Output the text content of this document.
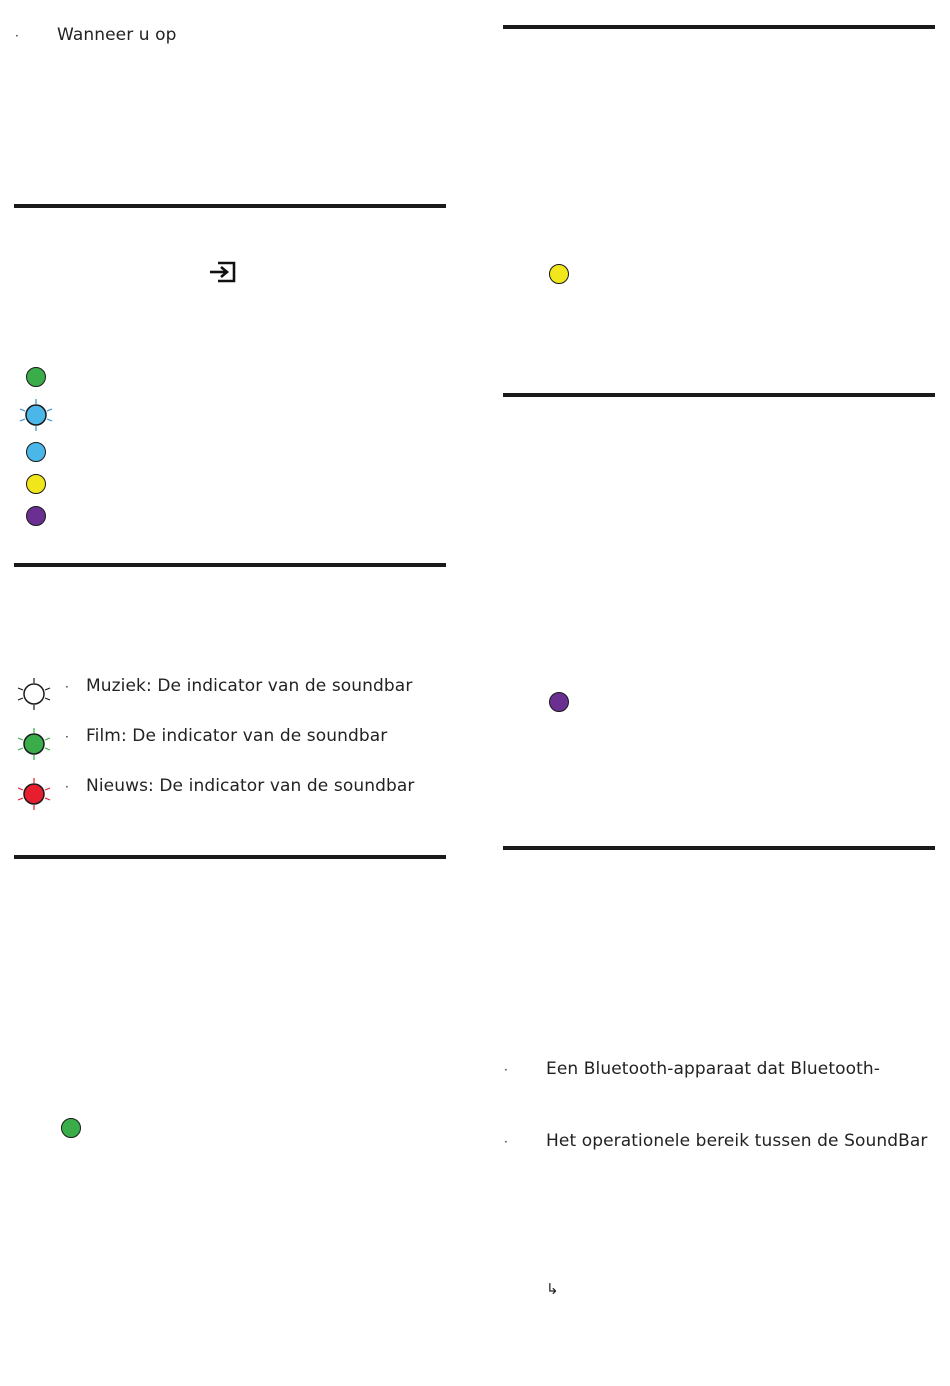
· Wanneer u op
· Muziek: De indicator van de soundbar
· Film: De indicator van de soundbar
· Nieuws: De indicator van de soundbar
· Een Bluetooth-apparaat dat Bluetooth-
· Het operationele bereik tussen de SoundBar
↳
